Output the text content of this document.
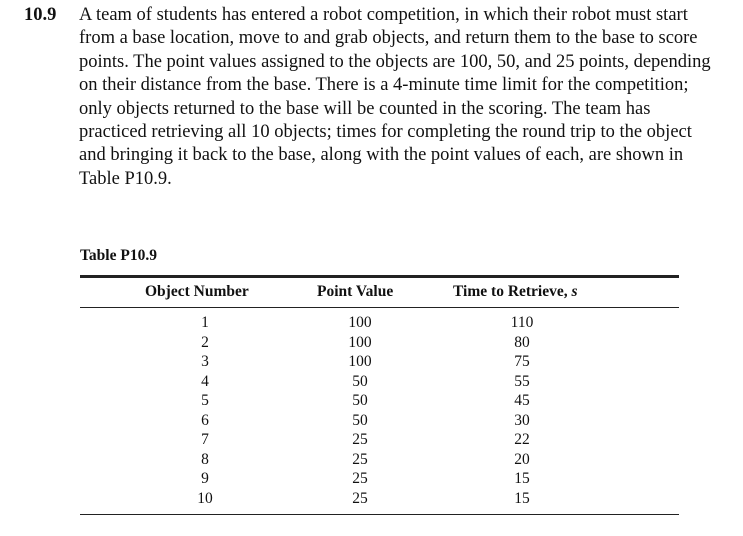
10.9 A team of students has entered a robot competition, in which their robot must start from a base location, move to and grab objects, and return them to the base to score points. The point values assigned to the objects are 100, 50, and 25 points, depending on their distance from the base. There is a 4-minute time limit for the competition; only objects returned to the base will be counted in the scoring. The team has practiced retrieving all 10 objects; times for completing the round trip to the object and bringing it back to the base, along with the point values of each, are shown in Table P10.9.

Table P10.9
Object Number	Point Value	Time to Retrieve, s
1
2
3
4
5
6
7
8
9
10
100
100
100
50
50
50
25
25
25
25
110
80
75
55
45
30
22
20
15
15
